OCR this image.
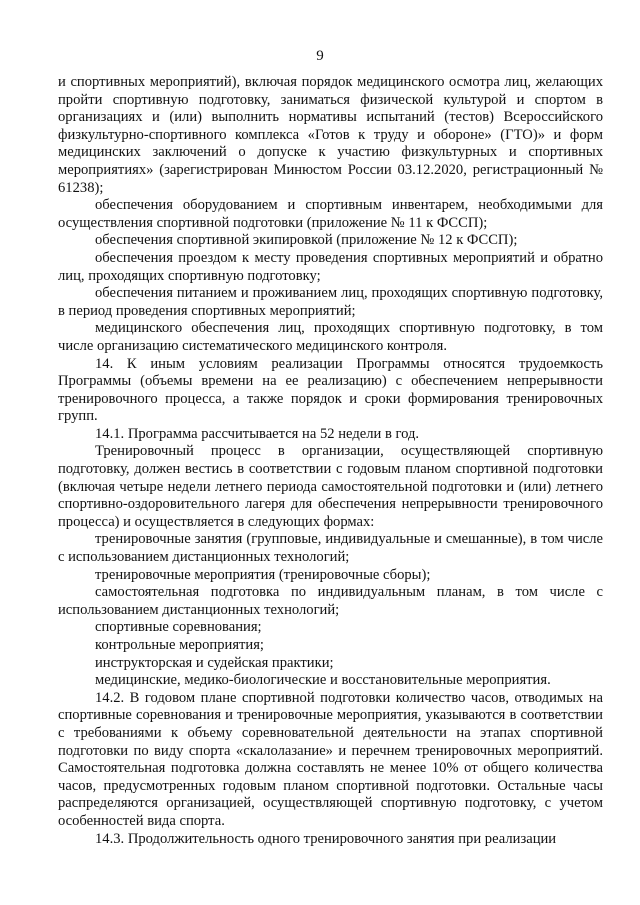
9

и спортивных мероприятий), включая порядок медицинского осмотра лиц, желающих пройти спортивную подготовку, заниматься физической культурой и спортом в организациях и (или) выполнить нормативы испытаний (тестов) Всероссийского физкультурно-спортивного комплекса «Готов к труду и обороне» (ГТО)» и форм медицинских заключений о допуске к участию физкультурных и спортивных мероприятиях» (зарегистрирован Минюстом России 03.12.2020, регистрационный № 61238);

обеспечения оборудованием и спортивным инвентарем, необходимыми для осуществления спортивной подготовки (приложение № 11 к ФССП);

обеспечения спортивной экипировкой (приложение № 12 к ФССП);

обеспечения проездом к месту проведения спортивных мероприятий и обратно лиц, проходящих спортивную подготовку;

обеспечения питанием и проживанием лиц, проходящих спортивную подготовку, в период проведения спортивных мероприятий;

медицинского обеспечения лиц, проходящих спортивную подготовку, в том числе организацию систематического медицинского контроля.

14. К иным условиям реализации Программы относятся трудоемкость Программы (объемы времени на ее реализацию) с обеспечением непрерывности тренировочного процесса, а также порядок и сроки формирования тренировочных групп.

14.1. Программа рассчитывается на 52 недели в год.

Тренировочный процесс в организации, осуществляющей спортивную подготовку, должен вестись в соответствии с годовым планом спортивной подготовки (включая четыре недели летнего периода самостоятельной подготовки и (или) летнего спортивно-оздоровительного лагеря для обеспечения непрерывности тренировочного процесса) и осуществляется в следующих формах:

тренировочные занятия (групповые, индивидуальные и смешанные), в том числе с использованием дистанционных технологий;

тренировочные мероприятия (тренировочные сборы);

самостоятельная подготовка по индивидуальным планам, в том числе с использованием дистанционных технологий;

спортивные соревнования;

контрольные мероприятия;

инструкторская и судейская практики;

медицинские, медико-биологические и восстановительные мероприятия.

14.2. В годовом плане спортивной подготовки количество часов, отводимых на спортивные соревнования и тренировочные мероприятия, указываются в соответствии с требованиями к объему соревновательной деятельности на этапах спортивной подготовки по виду спорта «скалолазание» и перечнем тренировочных мероприятий. Самостоятельная подготовка должна составлять не менее 10% от общего количества часов, предусмотренных годовым планом спортивной подготовки. Остальные часы распределяются организацией, осуществляющей спортивную подготовку, с учетом особенностей вида спорта.

14.3. Продолжительность одного тренировочного занятия при реализации
